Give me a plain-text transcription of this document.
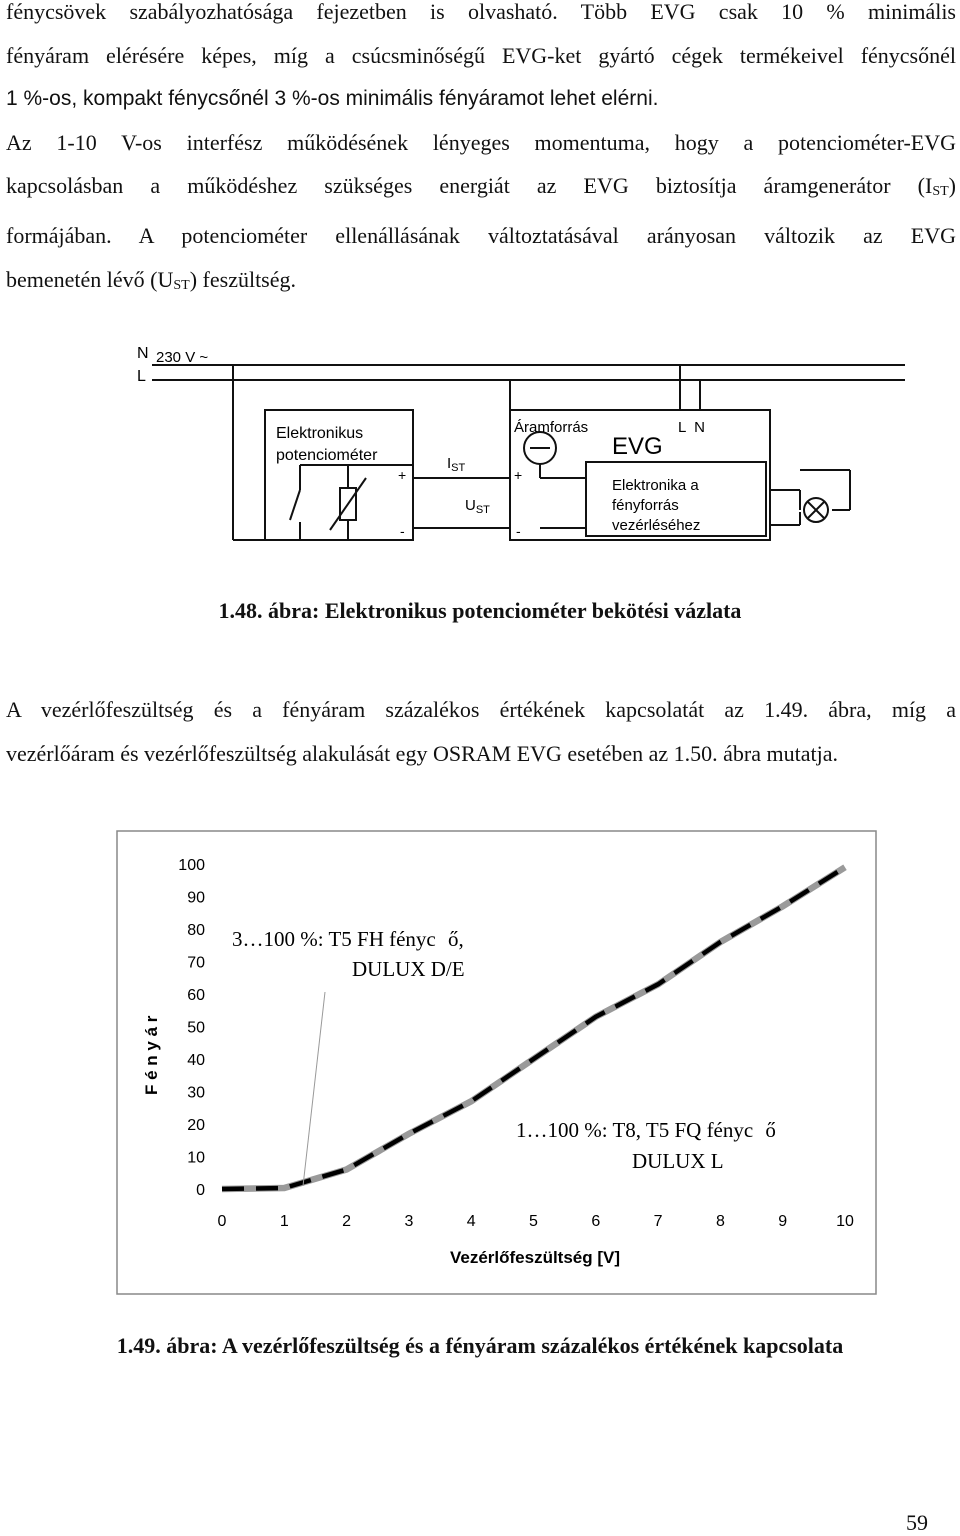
fénycsövek szabályozhatósága fejezetben is olvasható. Több EVG csak 10 % minimális
fényáram elérésére képes, míg a csúcsminőségű EVG-ket gyártó cégek termékeivel fénycsőnél
1 %-os, kompakt fénycsőnél 3 %-os minimális fényáramot lehet elérni.
Az 1-10 V-os interfész működésének lényeges momentuma, hogy a potenciométer-EVG
kapcsolásban a működéshez szükséges energiát az EVG biztosítja áramgenerátor $(I_{ST})$
formájában. A potenciométer ellenállásának változtatásával arányosan változik az EVG
bemenetén lévő $(U_{ST})$ feszültség.
N
L
230 V ~
Elektronikus
potenciométer
+
-
$I_{ST}$
$U_{ST}$
Áramforrás
+
-
EVG
L  N
Elektronika a
fényforrás
vezérléséhez

1.48. ábra: Elektronikus potenciométer bekötési vázlata

A vezérlőfeszültség és a fényáram százalékos értékének kapcsolatát az 1.49. ábra, míg a
vezérlőáram és vezérlőfeszültség alakulását egy OSRAM EVG esetében az 1.50. ábra mutatja.
0
10
20
30
40
50
60
70
80
90
100
0	1	2	3	4	5	6	7	8	9	10
F é n y á r
Vezérlőfeszültség [V]
3…100 %: T5 FH fénycs ő,
DULUX D/E
1…100 %: T8, T5 FQ fénycs ő
DULUX L

1.49. ábra: A vezérlőfeszültség és a fényáram százalékos értékének kapcsolata

59
